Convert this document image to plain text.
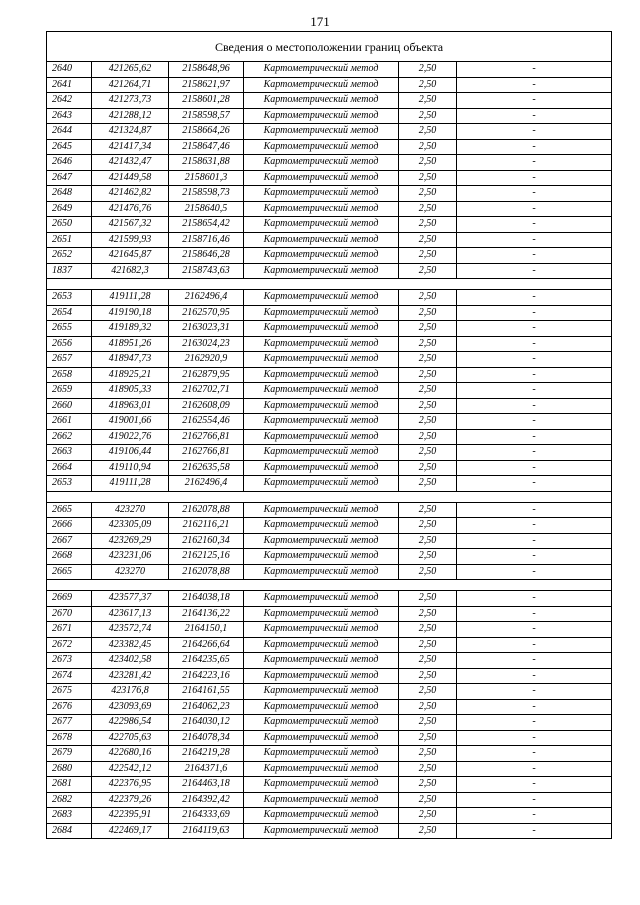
171
Сведения о местоположении границ объекта					
2640	421265,62	2158648,96	Картометрический метод	2,50	-
2641	421264,71	2158621,97	Картометрический метод	2,50	-
2642	421273,73	2158601,28	Картометрический метод	2,50	-
2643	421288,12	2158598,57	Картометрический метод	2,50	-
2644	421324,87	2158664,26	Картометрический метод	2,50	-
2645	421417,34	2158647,46	Картометрический метод	2,50	-
2646	421432,47	2158631,88	Картометрический метод	2,50	-
2647	421449,58	2158601,3	Картометрический метод	2,50	-
2648	421462,82	2158598,73	Картометрический метод	2,50	-
2649	421476,76	2158640,5	Картометрический метод	2,50	-
2650	421567,32	2158654,42	Картометрический метод	2,50	-
2651	421599,93	2158716,46	Картометрический метод	2,50	-
2652	421645,87	2158646,28	Картометрический метод	2,50	-
1837	421682,3	2158743,63	Картометрический метод	2,50	-

2653	419111,28	2162496,4	Картометрический метод	2,50	-
2654	419190,18	2162570,95	Картометрический метод	2,50	-
2655	419189,32	2163023,31	Картометрический метод	2,50	-
2656	418951,26	2163024,23	Картометрический метод	2,50	-
2657	418947,73	2162920,9	Картометрический метод	2,50	-
2658	418925,21	2162879,95	Картометрический метод	2,50	-
2659	418905,33	2162702,71	Картометрический метод	2,50	-
2660	418963,01	2162608,09	Картометрический метод	2,50	-
2661	419001,66	2162554,46	Картометрический метод	2,50	-
2662	419022,76	2162766,81	Картометрический метод	2,50	-
2663	419106,44	2162766,81	Картометрический метод	2,50	-
2664	419110,94	2162635,58	Картометрический метод	2,50	-
2653	419111,28	2162496,4	Картометрический метод	2,50	-

2665	423270	2162078,88	Картометрический метод	2,50	-
2666	423305,09	2162116,21	Картометрический метод	2,50	-
2667	423269,29	2162160,34	Картометрический метод	2,50	-
2668	423231,06	2162125,16	Картометрический метод	2,50	-
2665	423270	2162078,88	Картометрический метод	2,50	-

2669	423577,37	2164038,18	Картометрический метод	2,50	-
2670	423617,13	2164136,22	Картометрический метод	2,50	-
2671	423572,74	2164150,1	Картометрический метод	2,50	-
2672	423382,45	2164266,64	Картометрический метод	2,50	-
2673	423402,58	2164235,65	Картометрический метод	2,50	-
2674	423281,42	2164223,16	Картометрический метод	2,50	-
2675	423176,8	2164161,55	Картометрический метод	2,50	-
2676	423093,69	2164062,23	Картометрический метод	2,50	-
2677	422986,54	2164030,12	Картометрический метод	2,50	-
2678	422705,63	2164078,34	Картометрический метод	2,50	-
2679	422680,16	2164219,28	Картометрический метод	2,50	-
2680	422542,12	2164371,6	Картометрический метод	2,50	-
2681	422376,95	2164463,18	Картометрический метод	2,50	-
2682	422379,26	2164392,42	Картометрический метод	2,50	-
2683	422395,91	2164333,69	Картометрический метод	2,50	-
2684	422469,17	2164119,63	Картометрический метод	2,50	-
